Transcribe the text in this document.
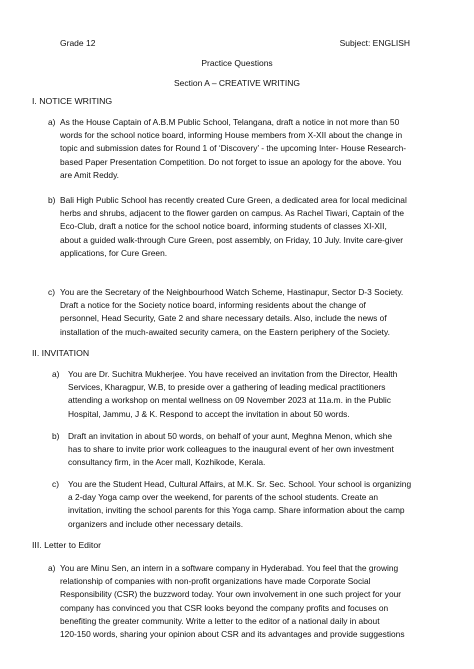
Grade 12	Subject: ENGLISH
Practice Questions
Section A – CREATIVE WRITING
I. NOTICE WRITING
a) As the House Captain of A.B.M Public School, Telangana, draft a notice in not more than 50
words for the school notice board, informing House members from X-XII about the change in
topic and submission dates for Round 1 of ‘Discovery’ - the upcoming Inter- House Research-
based Paper Presentation Competition. Do not forget to issue an apology for the above. You
are Amit Reddy.
b) Bali High Public School has recently created Cure Green, a dedicated area for local medicinal
herbs and shrubs, adjacent to the flower garden on campus. As Rachel Tiwari, Captain of the
Eco-Club, draft a notice for the school notice board, informing students of classes XI-XII,
about a guided walk-through Cure Green, post assembly, on Friday, 10 July. Invite care-giver
applications, for Cure Green.
c) You are the Secretary of the Neighbourhood Watch Scheme, Hastinapur, Sector D-3 Society.
Draft a notice for the Society notice board, informing residents about the change of
personnel, Head Security, Gate 2 and share necessary details. Also, include the news of
installation of the much-awaited security camera, on the Eastern periphery of the Society.
II. INVITATION
a) You are Dr. Suchitra Mukherjee. You have received an invitation from the Director, Health
Services, Kharagpur, W.B, to preside over a gathering of leading medical practitioners
attending a workshop on mental wellness on 09 November 2023 at 11a.m. in the Public
Hospital, Jammu, J & K. Respond to accept the invitation in about 50 words.
b) Draft an invitation in about 50 words, on behalf of your aunt, Meghna Menon, which she
has to share to invite prior work colleagues to the inaugural event of her own investment
consultancy firm, in the Acer mall, Kozhikode, Kerala.
c) You are the Student Head, Cultural Affairs, at M.K. Sr. Sec. School. Your school is organizing
a 2-day Yoga camp over the weekend, for parents of the school students. Create an
invitation, inviting the school parents for this Yoga camp. Share information about the camp
organizers and include other necessary details.
III. Letter to Editor
a) You are Minu Sen, an intern in a software company in Hyderabad. You feel that the growing
relationship of companies with non-profit organizations have made Corporate Social
Responsibility (CSR) the buzzword today. Your own involvement in one such project for your
company has convinced you that CSR looks beyond the company profits and focuses on
benefiting the greater community. Write a letter to the editor of a national daily in about
120-150 words, sharing your opinion about CSR and its advantages and provide suggestions
